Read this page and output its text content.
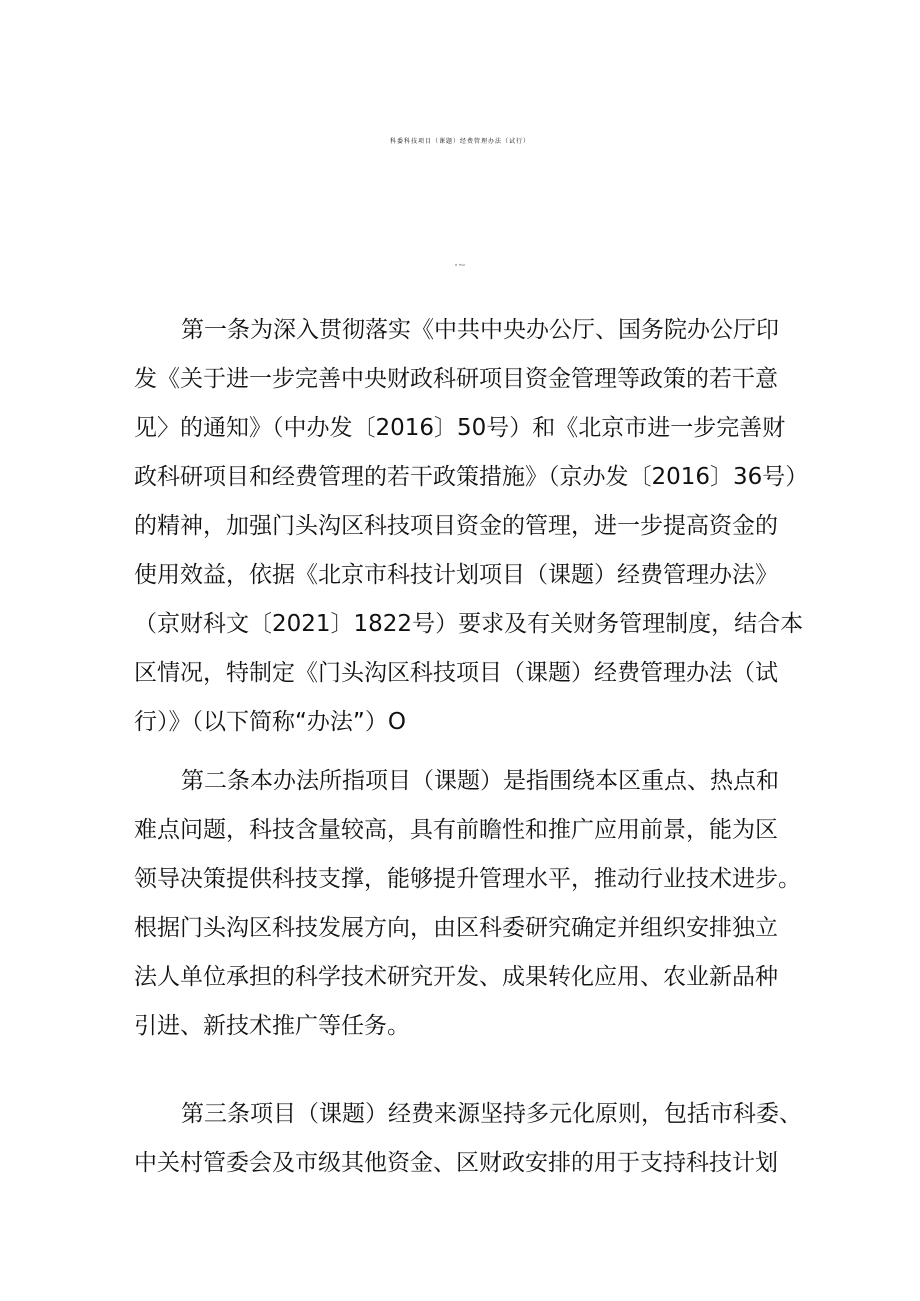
科委科技项目（课题）经费管理办法（试行）
第一章总则
第一条为深入贯彻落实《中共中央办公厅、国务院办公厅印
发《关于进一步完善中央财政科研项目资金管理等政策的若干意
见〉的通知》（中办发〔2016〕50号）和《北京市进一步完善财
政科研项目和经费管理的若干政策措施》（京办发〔2016〕36号）
的精神，加强门头沟区科技项目资金的管理，进一步提高资金的
使用效益，依据《北京市科技计划项目（课题）经费管理办法》
（京财科文〔2021〕1822号）要求及有关财务管理制度，结合本
区情况，特制定《门头沟区科技项目（课题）经费管理办法（试
行）》（以下简称“办法”）O
第二条本办法所指项目（课题）是指围绕本区重点、热点和
难点问题，科技含量较高，具有前瞻性和推广应用前景，能为区
领导决策提供科技支撑，能够提升管理水平，推动行业技术进步。
根据门头沟区科技发展方向，由区科委研究确定并组织安排独立
法人单位承担的科学技术研究开发、成果转化应用、农业新品种
引进、新技术推广等任务。
第三条项目（课题）经费来源坚持多元化原则，包括市科委、
中关村管委会及市级其他资金、区财政安排的用于支持科技计划
